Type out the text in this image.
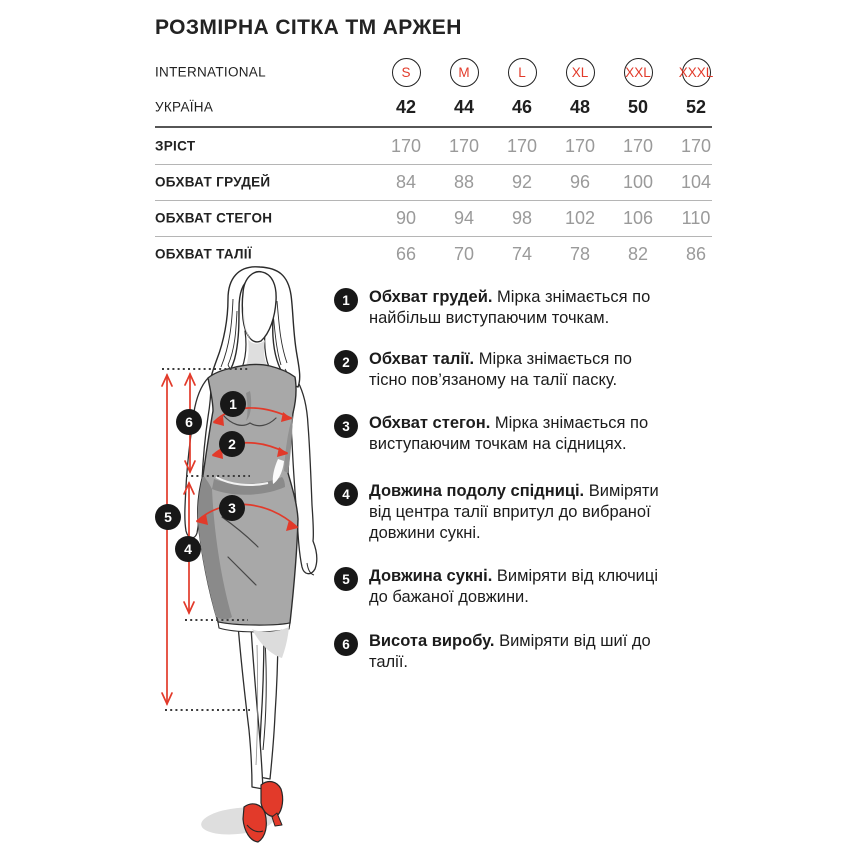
РОЗМІРНА СІТКА ТМ АРЖЕН
INTERNATIONAL	S	M	L	XL	XXL XXXL
УКРАЇНА	42 44 46 48 50 52
ЗРІСТ	170 170 170 170 170 170
ОБХВАТ ГРУДЕЙ	84 88 92 96 100 104
ОБХВАТ СТЕГОН	90 94 98 102 106 110
ОБХВАТ ТАЛІЇ	66 70 74 78 82 86
1
2
3
4
5
6
1	Обхват грудей. Мірка знімається по
найбільш виступаючим точкам.

2	Обхват талії. Мірка знімається по
тісно пов’язаному на талії паску.

3	Обхват стегон. Мірка знімається по
виступаючим точкам на сідницях.

4	Довжина подолу спідниці. Виміряти
від центра талії впритул до вибраної
довжини сукні.

5	Довжина сукні. Виміряти від ключиці
до бажаної довжини.

6	Висота виробу. Виміряти від шиї до
талії.
